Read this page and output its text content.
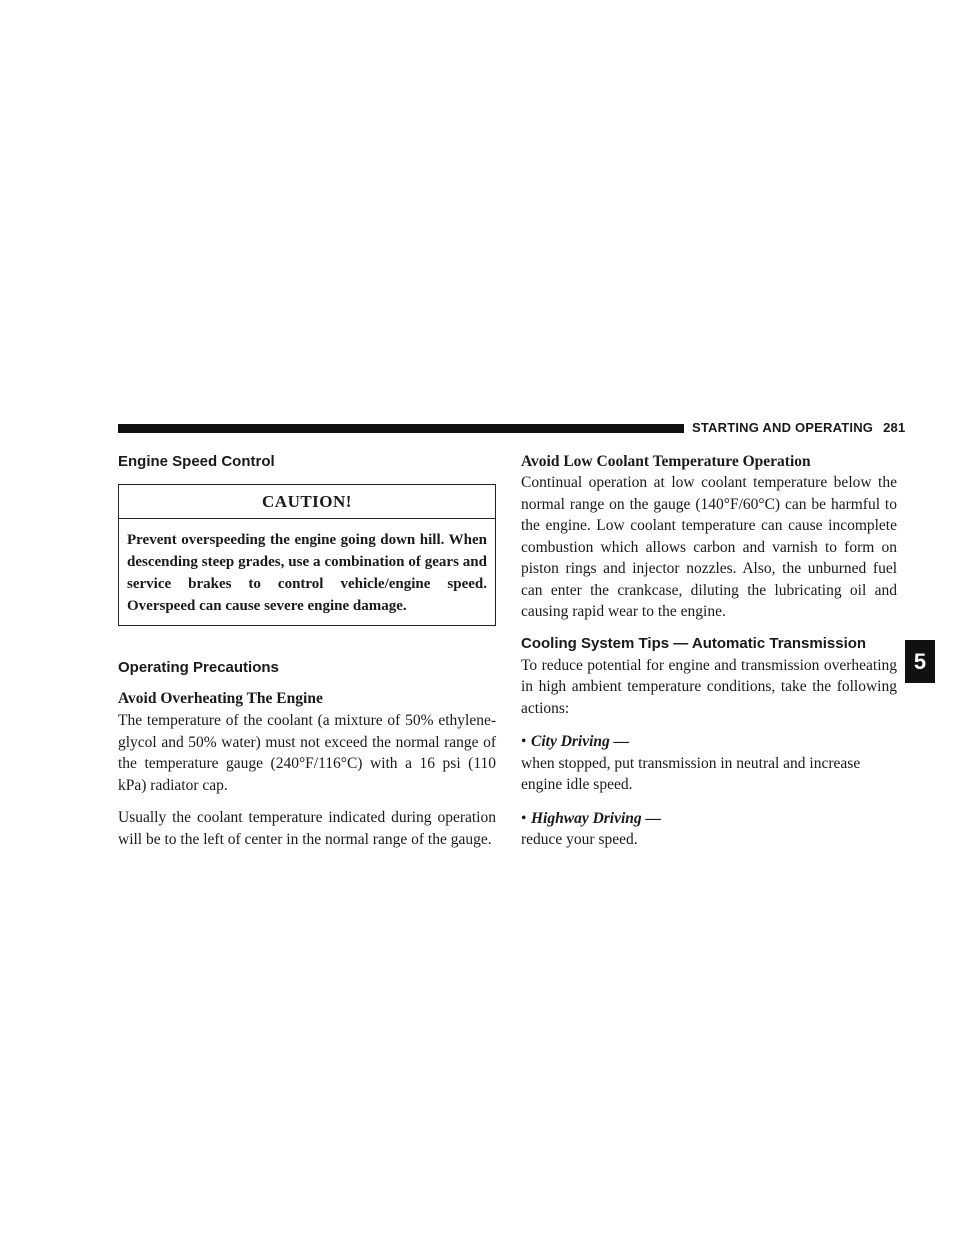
STARTING AND OPERATING 281
Engine Speed Control
CAUTION!
Prevent overspeeding the engine going down hill. When descending steep grades, use a combination of gears and service brakes to control vehicle/engine speed. Overspeed can cause severe engine damage.
Operating Precautions
Avoid Overheating The Engine

The temperature of the coolant (a mixture of 50% ethylene-glycol and 50% water) must not exceed the normal range of the temperature gauge (240°F/116°C) with a 16 psi (110 kPa) radiator cap.

Usually the coolant temperature indicated during operation will be to the left of center in the normal range of the gauge.

Avoid Low Coolant Temperature Operation

Continual operation at low coolant temperature below the normal range on the gauge (140°F/60°C) can be harmful to the engine. Low coolant temperature can cause incomplete combustion which allows carbon and varnish to form on piston rings and injector nozzles. Also, the unburned fuel can enter the crankcase, diluting the lubricating oil and causing rapid wear to the engine.

Cooling System Tips — Automatic Transmission

To reduce potential for engine and transmission overheating in high ambient temperature conditions, take the following actions:

• City Driving —

when stopped, put transmission in neutral and increase engine idle speed.

• Highway Driving —

reduce your speed.

5
